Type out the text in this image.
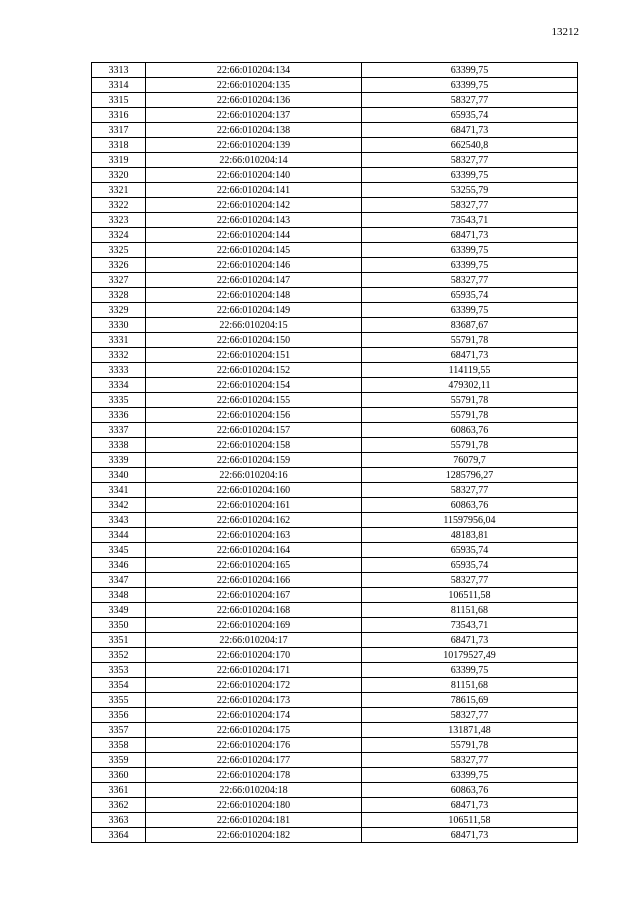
13212
3313	22:66:010204:134	63399,75
3314	22:66:010204:135	63399,75
3315	22:66:010204:136	58327,77
3316	22:66:010204:137	65935,74
3317	22:66:010204:138	68471,73
3318	22:66:010204:139	662540,8
3319	22:66:010204:14	58327,77
3320	22:66:010204:140	63399,75
3321	22:66:010204:141	53255,79
3322	22:66:010204:142	58327,77
3323	22:66:010204:143	73543,71
3324	22:66:010204:144	68471,73
3325	22:66:010204:145	63399,75
3326	22:66:010204:146	63399,75
3327	22:66:010204:147	58327,77
3328	22:66:010204:148	65935,74
3329	22:66:010204:149	63399,75
3330	22:66:010204:15	83687,67
3331	22:66:010204:150	55791,78
3332	22:66:010204:151	68471,73
3333	22:66:010204:152	114119,55
3334	22:66:010204:154	479302,11
3335	22:66:010204:155	55791,78
3336	22:66:010204:156	55791,78
3337	22:66:010204:157	60863,76
3338	22:66:010204:158	55791,78
3339	22:66:010204:159	76079,7
3340	22:66:010204:16	1285796,27
3341	22:66:010204:160	58327,77
3342	22:66:010204:161	60863,76
3343	22:66:010204:162	11597956,04
3344	22:66:010204:163	48183,81
3345	22:66:010204:164	65935,74
3346	22:66:010204:165	65935,74
3347	22:66:010204:166	58327,77
3348	22:66:010204:167	106511,58
3349	22:66:010204:168	81151,68
3350	22:66:010204:169	73543,71
3351	22:66:010204:17	68471,73
3352	22:66:010204:170	10179527,49
3353	22:66:010204:171	63399,75
3354	22:66:010204:172	81151,68
3355	22:66:010204:173	78615,69
3356	22:66:010204:174	58327,77
3357	22:66:010204:175	131871,48
3358	22:66:010204:176	55791,78
3359	22:66:010204:177	58327,77
3360	22:66:010204:178	63399,75
3361	22:66:010204:18	60863,76
3362	22:66:010204:180	68471,73
3363	22:66:010204:181	106511,58
3364	22:66:010204:182	68471,73
